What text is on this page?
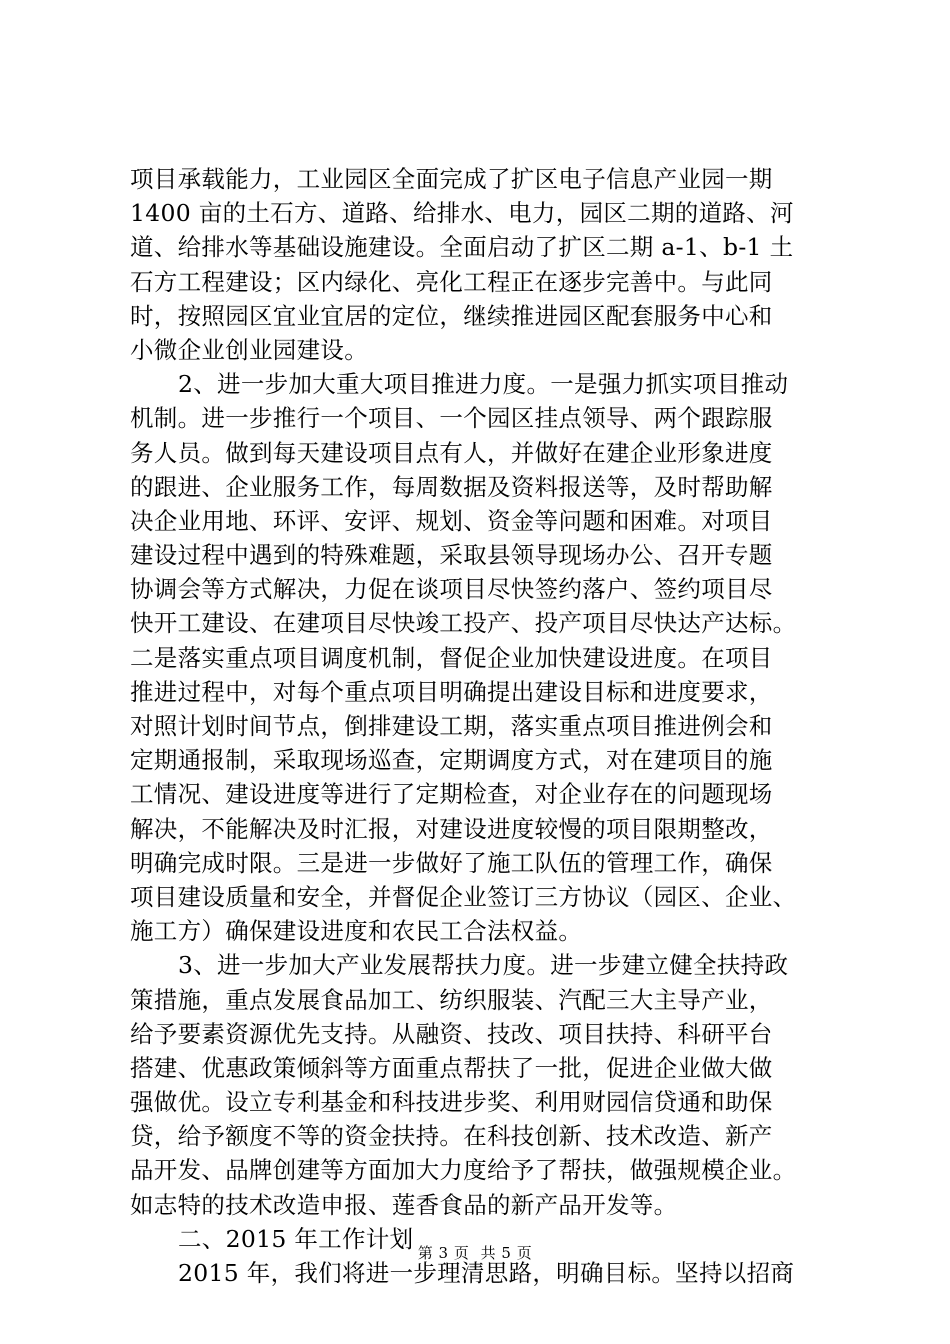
项目承载能力，工业园区全面完成了扩区电子信息产业园一期
1400 亩的土石方、道路、给排水、电力，园区二期的道路、河
道、给排水等基础设施建设。全面启动了扩区二期 a-1、b-1 土
石方工程建设；区内绿化、亮化工程正在逐步完善中。与此同
时，按照园区宜业宜居的定位，继续推进园区配套服务中心和
小微企业创业园建设。
2、进一步加大重大项目推进力度。一是强力抓实项目推动
机制。进一步推行一个项目、一个园区挂点领导、两个跟踪服
务人员。做到每天建设项目点有人，并做好在建企业形象进度
的跟进、企业服务工作，每周数据及资料报送等，及时帮助解
决企业用地、环评、安评、规划、资金等问题和困难。对项目
建设过程中遇到的特殊难题，采取县领导现场办公、召开专题
协调会等方式解决，力促在谈项目尽快签约落户、签约项目尽
快开工建设、在建项目尽快竣工投产、投产项目尽快达产达标。
二是落实重点项目调度机制，督促企业加快建设进度。在项目
推进过程中，对每个重点项目明确提出建设目标和进度要求，
对照计划时间节点，倒排建设工期，落实重点项目推进例会和
定期通报制，采取现场巡查，定期调度方式，对在建项目的施
工情况、建设进度等进行了定期检查，对企业存在的问题现场
解决，不能解决及时汇报，对建设进度较慢的项目限期整改，
明确完成时限。三是进一步做好了施工队伍的管理工作，确保
项目建设质量和安全，并督促企业签订三方协议（园区、企业、
施工方）确保建设进度和农民工合法权益。
3、进一步加大产业发展帮扶力度。进一步建立健全扶持政
策措施，重点发展食品加工、纺织服装、汽配三大主导产业，
给予要素资源优先支持。从融资、技改、项目扶持、科研平台
搭建、优惠政策倾斜等方面重点帮扶了一批，促进企业做大做
强做优。设立专利基金和科技进步奖、利用财园信贷通和助保
贷，给予额度不等的资金扶持。在科技创新、技术改造、新产
品开发、品牌创建等方面加大力度给予了帮扶，做强规模企业。
如志特的技术改造申报、莲香食品的新产品开发等。
二、2015 年工作计划
2015 年，我们将进一步理清思路，明确目标。坚持以招商
第 3 页 共 5 页
